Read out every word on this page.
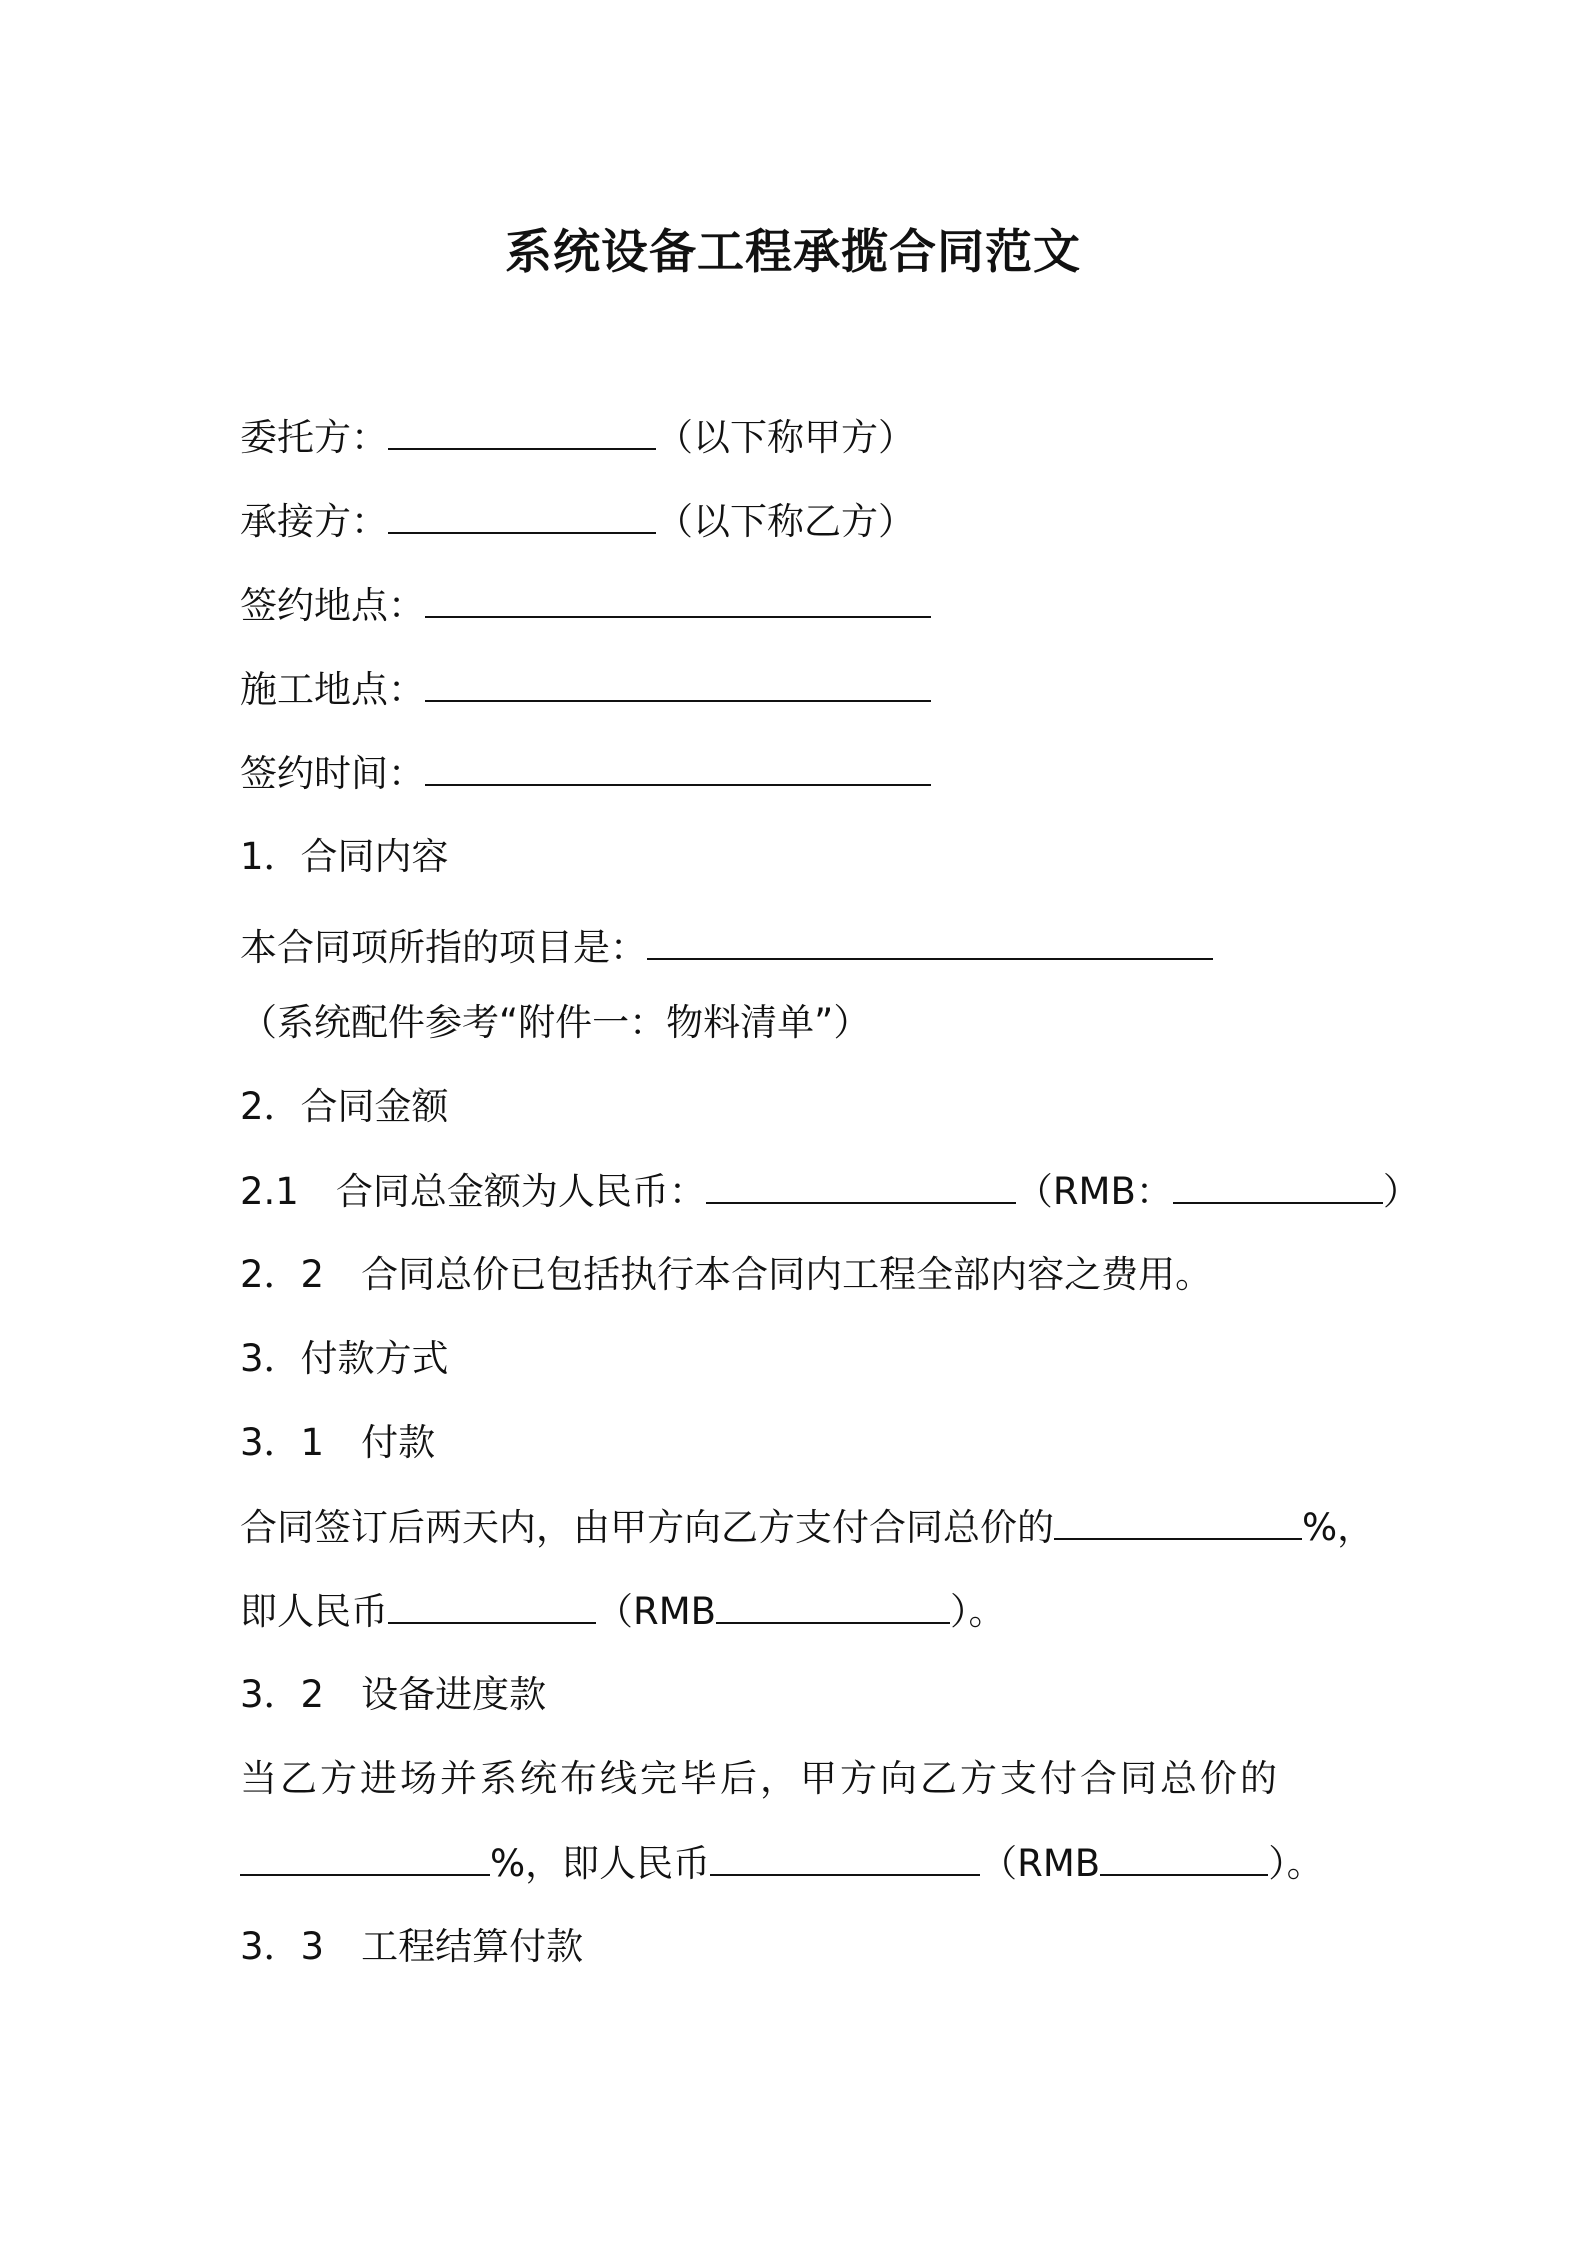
系统设备工程承揽合同范文
委托方：	（以下称甲方）
承接方：	（以下称乙方）
签约地点：
施工地点：
签约时间：
1．合同内容
本合同项所指的项目是：
（系统配件参考“附件一：物料清单”）
2．合同金额
2.1　合同总金额为人民币：	（RMB：	）
2．2　合同总价已包括执行本合同内工程全部内容之费用。
3．付款方式
3．1　付款
合同签订后两天内，由甲方向乙方支付合同总价的	%，
即人民币	（RMB	）。
3．2　设备进度款
当乙方进场并系统布线完毕后，甲方向乙方支付合同总价的
%，即人民币	（RMB	）。
3．3　工程结算付款
